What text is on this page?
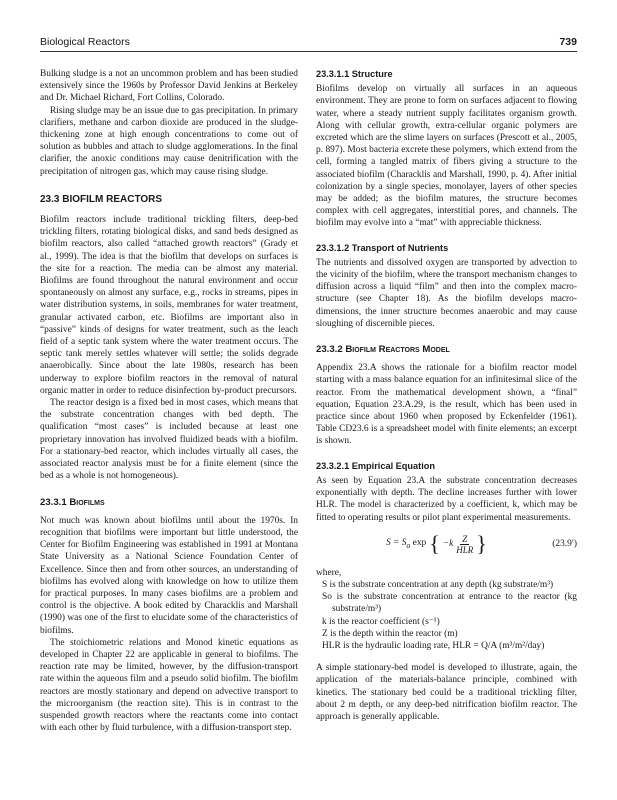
Biological Reactors	739

Bulking sludge is a not an uncommon problem and has been studied extensively since the 1960s by Professor David Jenkins at Berkeley and Dr. Michael Richard, Fort Collins, Colorado.

Rising sludge may be an issue due to gas precipitation. In primary clarifiers, methane and carbon dioxide are produced in the sludge-thickening zone at high enough concentrations to come out of solution as bubbles and attach to sludge agglomerations. In the final clarifier, the anoxic conditions may cause denitrification with the precipitation of nitrogen gas, which may cause rising sludge.

23.3 BIOFILM REACTORS

Biofilm reactors include traditional trickling filters, deep-bed trickling filters, rotating biological disks, and sand beds designed as biofilm reactors, also called “attached growth reactors” (Grady et al., 1999). The idea is that the biofilm that develops on surfaces is the site for a reaction. The media can be almost any material. Biofilms are found throughout the natural environment and occur spontaneously on almost any surface, e.g., rocks in streams, pipes in water distribution systems, in soils, membranes for water treatment, granular activated carbon, etc. Biofilms are important also in “passive” kinds of designs for water treatment, such as the leach field of a septic tank system where the water treatment occurs. The septic tank merely settles whatever will settle; the solids degrade anaerobically. Since about the late 1980s, research has been underway to explore biofilm reactors in the removal of natural organic matter in order to reduce disinfection by-product precursors.

The reactor design is a fixed bed in most cases, which means that the substrate concentration changes with bed depth. The qualification “most cases” is included because at least one proprietary innovation has involved fluidized beads with a biofilm. For a stationary-bed reactor, which includes virtually all cases, the associated reactor analysis must be for a finite element (since the bed as a whole is not homogeneous).

23.3.1 Biofilms

Not much was known about biofilms until about the 1970s. In recognition that biofilms were important but little understood, the Center for Biofilm Engineering was established in 1991 at Montana State University as a National Science Foundation Center of Excellence. Since then and from other sources, an understanding of biofilms has evolved along with knowledge on how to utilize them for practical purposes. In many cases biofilms are a problem and control is the objective. A book edited by Characklis and Marshall (1990) was one of the first to elucidate some of the characteristics of biofilms.

The stoichiometric relations and Monod kinetic equations as developed in Chapter 22 are applicable in general to biofilms. The reaction rate may be limited, however, by the diffusion-transport rate within the aqueous film and a pseudo solid biofilm. The biofilm reactors are mostly stationary and depend on advective transport to the microorganism (the reaction site). This is in contrast to the suspended growth reactors where the reactants come into contact with each other by fluid turbulence, with a diffusion-transport step.

23.3.1.1 Structure

Biofilms develop on virtually all surfaces in an aqueous environment. They are prone to form on surfaces adjacent to flowing water, where a steady nutrient supply facilitates organism growth. Along with cellular growth, extra-cellular organic polymers are excreted which are the slime layers on surfaces (Prescott et al., 2005, p. 897). Most bacteria excrete these polymers, which extend from the cell, forming a tangled matrix of fibers giving a structure to the associated biofilm (Characklis and Marshall, 1990, p. 4). After initial colonization by a single species, monolayer, layers of other species may be added; as the biofilm matures, the structure becomes complex with cell aggregates, interstitial pores, and channels. The biofilm may evolve into a “mat” with appreciable thickness.

23.3.1.2 Transport of Nutrients

The nutrients and dissolved oxygen are transported by advection to the vicinity of the biofilm, where the transport mechanism changes to diffusion across a liquid “film” and then into the complex macro-structure (see Chapter 18). As the biofilm develops macro-dimensions, the inner structure becomes anaerobic and may cause sloughing of discernible pieces.

23.3.2 Biofilm Reactors Model

Appendix 23.A shows the rationale for a biofilm reactor model starting with a mass balance equation for an infinitesimal slice of the reactor. From the mathematical development shown, a “final” equation, Equation 23.A.29, is the result, which has been used in practice since about 1960 when proposed by Eckenfelder (1961). Table CD23.6 is a spreadsheet model with finite elements; an excerpt is shown.

23.3.2.1 Empirical Equation

As seen by Equation 23.A the substrate concentration decreases exponentially with depth. The decline increases further with lower HLR. The model is characterized by a coefficient, k, which may be fitted to operating results or pilot plant experimental measurements.

$S = S_o$ exp { $-k \frac{Z}{\text{HLR}}$ }	(23.9′)

where,

S is the substrate concentration at any depth (kg substrate/m³)

So is the substrate concentration at entrance to the reactor (kg substrate/m³)

k is the reactor coefficient (s⁻¹)

Z is the depth within the reactor (m)

HLR is the hydraulic loading rate, HLR = Q/A (m³/m²/day)

A simple stationary-bed model is developed to illustrate, again, the application of the materials-balance principle, combined with kinetics. The stationary bed could be a traditional trickling filter, about 2 m depth, or any deep-bed nitrification biofilm reactor. The approach is generally applicable.
